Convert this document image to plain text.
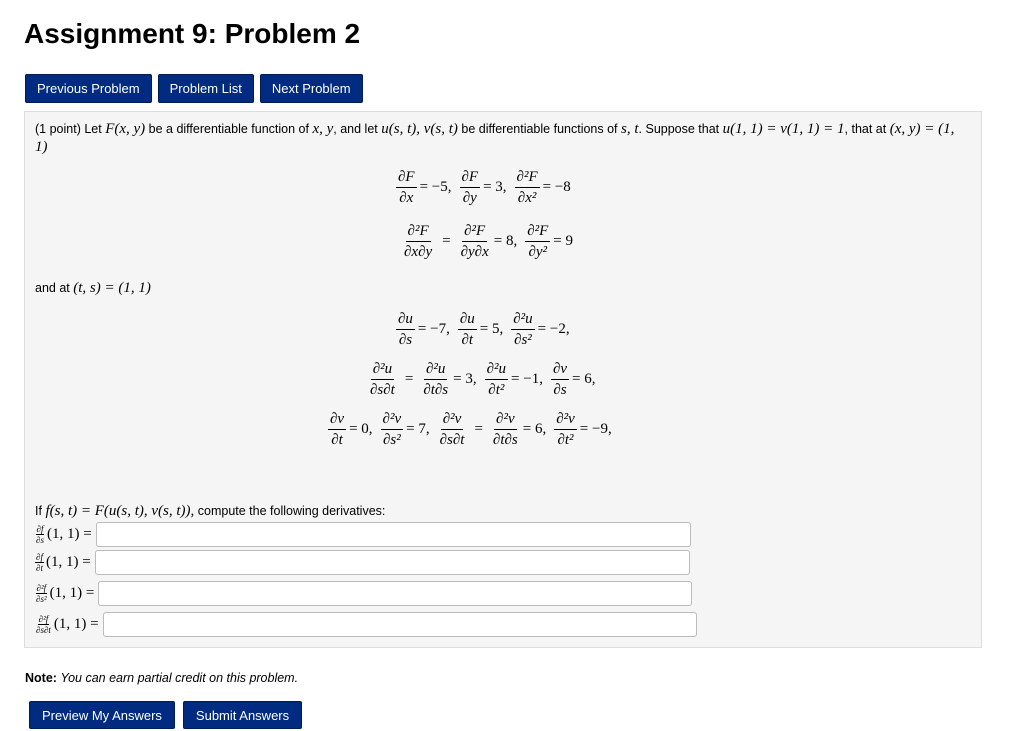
Assignment 9: Problem 2
Previous Problem	Problem List	Next Problem
(1 point) Let F(x, y) be a differentiable function of x, y, and let u(s, t), v(s, t) be differentiable functions of s, t. Suppose that u(1, 1) = v(1, 1) = 1, that at (x, y) = (1, 1)
$\frac{\partial F}{\partial x} = -5$, $\frac{\partial F}{\partial y} = 3$, $\frac{\text{∂²F}}{\text{∂x²}} = -8$
$\frac{\text{∂²F}}{\partial x\partial y} = \frac{\text{∂²F}}{\partial y\partial x} = 8$, $\frac{\text{∂²F}}{\text{∂y²}} = 9$
and at (t, s) = (1, 1)
$\frac{\partial u}{\partial s} = -7$, $\frac{\partial u}{\partial t} = 5$, $\frac{\text{∂²u}}{\text{∂s²}} = -2$,
$\frac{\text{∂²u}}{\partial s\partial t} = \frac{\text{∂²u}}{\partial t\partial s} = 3$, $\frac{\text{∂²u}}{\text{∂t²}} = -1$, $\frac{\partial v}{\partial s} = 6$,
$\frac{\partial v}{\partial t} = 0$, $\frac{\text{∂²v}}{\text{∂s²}} = 7$, $\frac{\text{∂²v}}{\partial s\partial t} = \frac{\text{∂²v}}{\partial t\partial s} = 6$, $\frac{\text{∂²v}}{\text{∂t²}} = -9$,
If f(s, t) = F(u(s, t), v(s, t)), compute the following derivatives:
$\frac{\partial f}{\partial s} (1$, 1) =
$\frac{\partial f}{\partial t} (1$, 1) =
$\frac{\text{∂²f}}{\text{∂s²}} (1$, 1) =
$\frac{\text{∂²f}}{\partial s\partial t} (1$, 1) =
Note: You can earn partial credit on this problem.
Preview My Answers	Submit Answers
